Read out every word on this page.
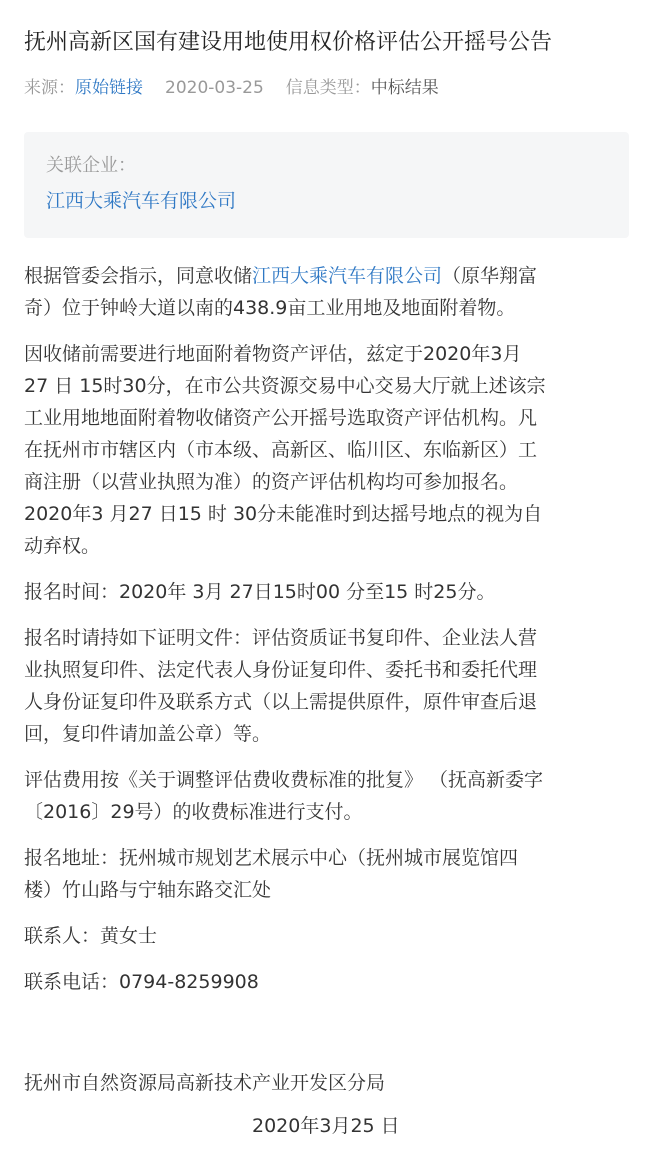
抚州高新区国有建设用地使用权价格评估公开摇号公告
来源：原始链接 2020-03-25 信息类型：中标结果
关联企业：
江西大乘汽车有限公司

根据管委会指示，同意收储江西大乘汽车有限公司（原华翔富
奇）位于钟岭大道以南的438.9亩工业用地及地面附着物。

因收储前需要进行地面附着物资产评估，兹定于2020年3月
27 日 15时30分，在市公共资源交易中心交易大厅就上述该宗
工业用地地面附着物收储资产公开摇号选取资产评估机构。凡
在抚州市市辖区内（市本级、高新区、临川区、东临新区）工
商注册（以营业执照为准）的资产评估机构均可参加报名。
2020年3 月27 日15 时 30分未能准时到达摇号地点的视为自
动弃权。

报名时间：2020年 3月 27日15时00 分至15 时25分。

报名时请持如下证明文件：评估资质证书复印件、企业法人营
业执照复印件、法定代表人身份证复印件、委托书和委托代理
人身份证复印件及联系方式（以上需提供原件，原件审查后退
回，复印件请加盖公章）等。

评估费用按《关于调整评估费收费标准的批复》 （抚高新委字
〔2016〕29号）的收费标准进行支付。

报名地址：抚州城市规划艺术展示中心（抚州城市展览馆四
楼）竹山路与宁轴东路交汇处

联系人：黄女士

联系电话：0794-8259908

抚州市自然资源局高新技术产业开发区分局
2020年3月25 日
